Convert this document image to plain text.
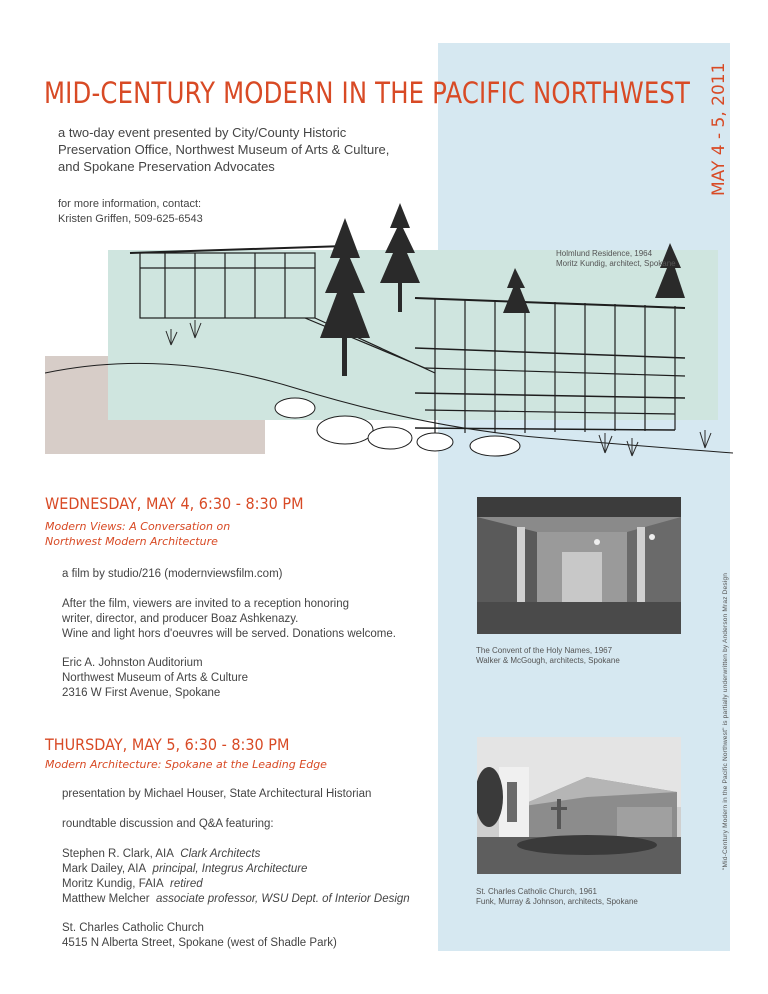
MID-CENTURY MODERN IN THE PACIFIC NORTHWEST MAY 4 - 5, 2011

a two-day event presented by City/County Historic

Preservation Office, Northwest Museum of Arts & Culture,

and Spokane Preservation Advocates

for more information, contact:

Kristen Griffen, 509-625-6543

"Mid-Century Modern in the Pacific Northwest" is partially underwritten by Anderson Mraz Design

Holmlund Residence, 1964

Moritz Kundig, architect, Spokane

WEDNESDAY, MAY 4, 6:30 - 8:30 PM

Modern Views: A Conversation on

Northwest Modern Architecture

a film by studio/216 (modernviewsfilm.com)

After the film, viewers are invited to a reception honoring

writer, director, and producer Boaz Ashkenazy.

Wine and light hors d'oeuvres will be served. Donations welcome.

Eric A. Johnston Auditorium

Northwest Museum of Arts & Culture

2316 W First Avenue, Spokane

The Convent of the Holy Names, 1967

Walker & McGough, architects, Spokane

THURSDAY, MAY 5, 6:30 - 8:30 PM
Modern Architecture: Spokane at the Leading Edge
presentation by Michael Houser, State Architectural Historian
roundtable discussion and Q&A featuring:

Stephen R. Clark, AIA Clark Architects

Mark Dailey, AIA principal, Integrus Architecture

Moritz Kundig, FAIA retired

Matthew Melcher associate professor, WSU Dept. of Interior Design

St. Charles Catholic Church

4515 N Alberta Street, Spokane (west of Shadle Park)

St. Charles Catholic Church, 1961

Funk, Murray & Johnson, architects, Spokane
